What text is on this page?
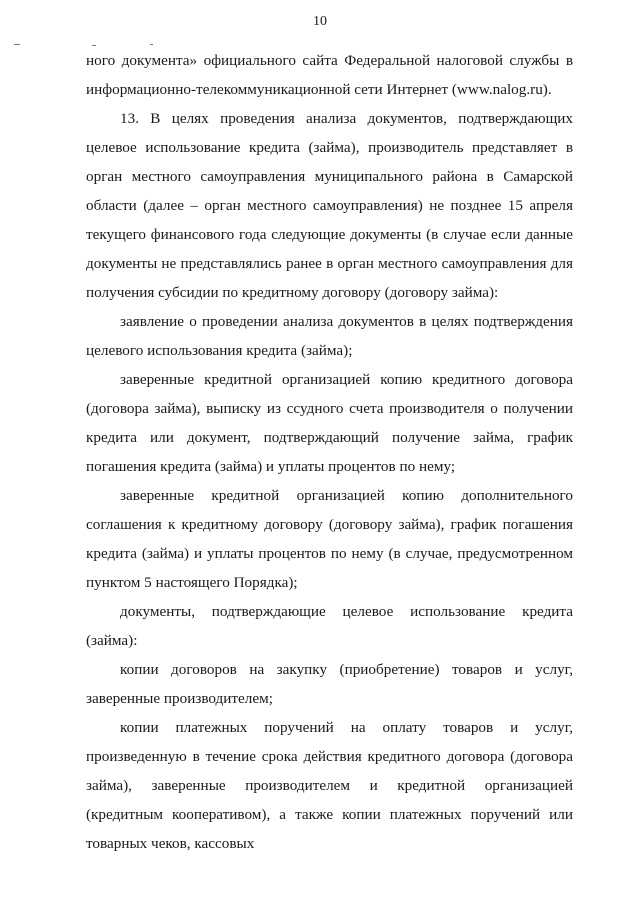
10

ного документа» официального сайта Федеральной налоговой службы в информационно-телекоммуникационной сети Интернет (www.nalog.ru).

13. В целях проведения анализа документов, подтверждающих целевое использование кредита (займа), производитель представляет в орган местного самоуправления муниципального района в Самарской области (далее – орган местного самоуправления) не позднее 15 апреля текущего финансового года следующие документы (в случае если данные документы не представлялись ранее в орган местного самоуправления для получения субсидии по кредитному договору (договору займа):

заявление о проведении анализа документов в целях подтверждения целевого использования кредита (займа);

заверенные кредитной организацией копию кредитного договора (договора займа), выписку из ссудного счета производителя о получении кредита или документ, подтверждающий получение займа, график погашения кредита (займа) и уплаты процентов по нему;

заверенные кредитной организацией копию дополнительного соглашения к кредитному договору (договору займа), график погашения кредита (займа) и уплаты процентов по нему (в случае, предусмотренном пунктом 5 настоящего Порядка);

документы, подтверждающие целевое использование кредита (займа):

копии договоров на закупку (приобретение) товаров и услуг, заверенные производителем;

копии платежных поручений на оплату товаров и услуг, произведенную в течение срока действия кредитного договора (договора займа), заверенные производителем и кредитной организацией (кредитным кооперативом), а также копии платежных поручений или товарных чеков, кассовых
